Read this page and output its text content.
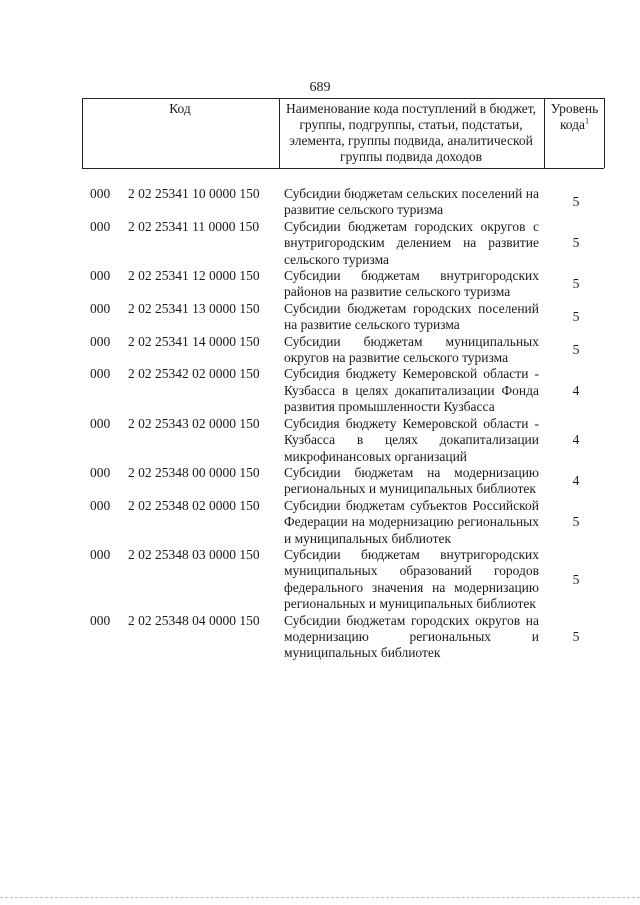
689
Код	Наименование кода поступлений в бюджет, группы, подгруппы, статьи, подстатьи, элемента, группы подвида, аналитической группы подвида доходов
Уровень кода$^1$
000 2 02 25341 10 0000 150 Субсидии бюджетам сельских поселений на развитие сельского туризма
5
000 2 02 25341 11 0000 150 Субсидии бюджетам городских округов с внутригородским делением на развитие сельского туризма
5
000 2 02 25341 12 0000 150 Субсидии бюджетам внутригородских районов на развитие сельского туризма
5
000 2 02 25341 13 0000 150 Субсидии бюджетам городских поселений на развитие сельского туризма
5
000 2 02 25341 14 0000 150 Субсидии бюджетам муниципальных округов на развитие сельского туризма
5
000 2 02 25342 02 0000 150 Субсидия бюджету Кемеровской области - Кузбасса в целях докапитализации Фонда развития промышленности Кузбасса
4
000 2 02 25343 02 0000 150 Субсидия бюджету Кемеровской области - Кузбасса в целях докапитализации микрофинансовых организаций
4
000 2 02 25348 00 0000 150 Субсидии бюджетам на модернизацию региональных и муниципальных библиотек
4
000 2 02 25348 02 0000 150 Субсидии бюджетам субъектов Российской Федерации на модернизацию региональных и муниципальных библиотек
5
000 2 02 25348 03 0000 150 Субсидии бюджетам внутригородских муниципальных образований городов федерального значения на модернизацию региональных и муниципальных библиотек
5
000 2 02 25348 04 0000 150 Субсидии бюджетам городских округов на модернизацию региональных и муниципальных библиотек
5
